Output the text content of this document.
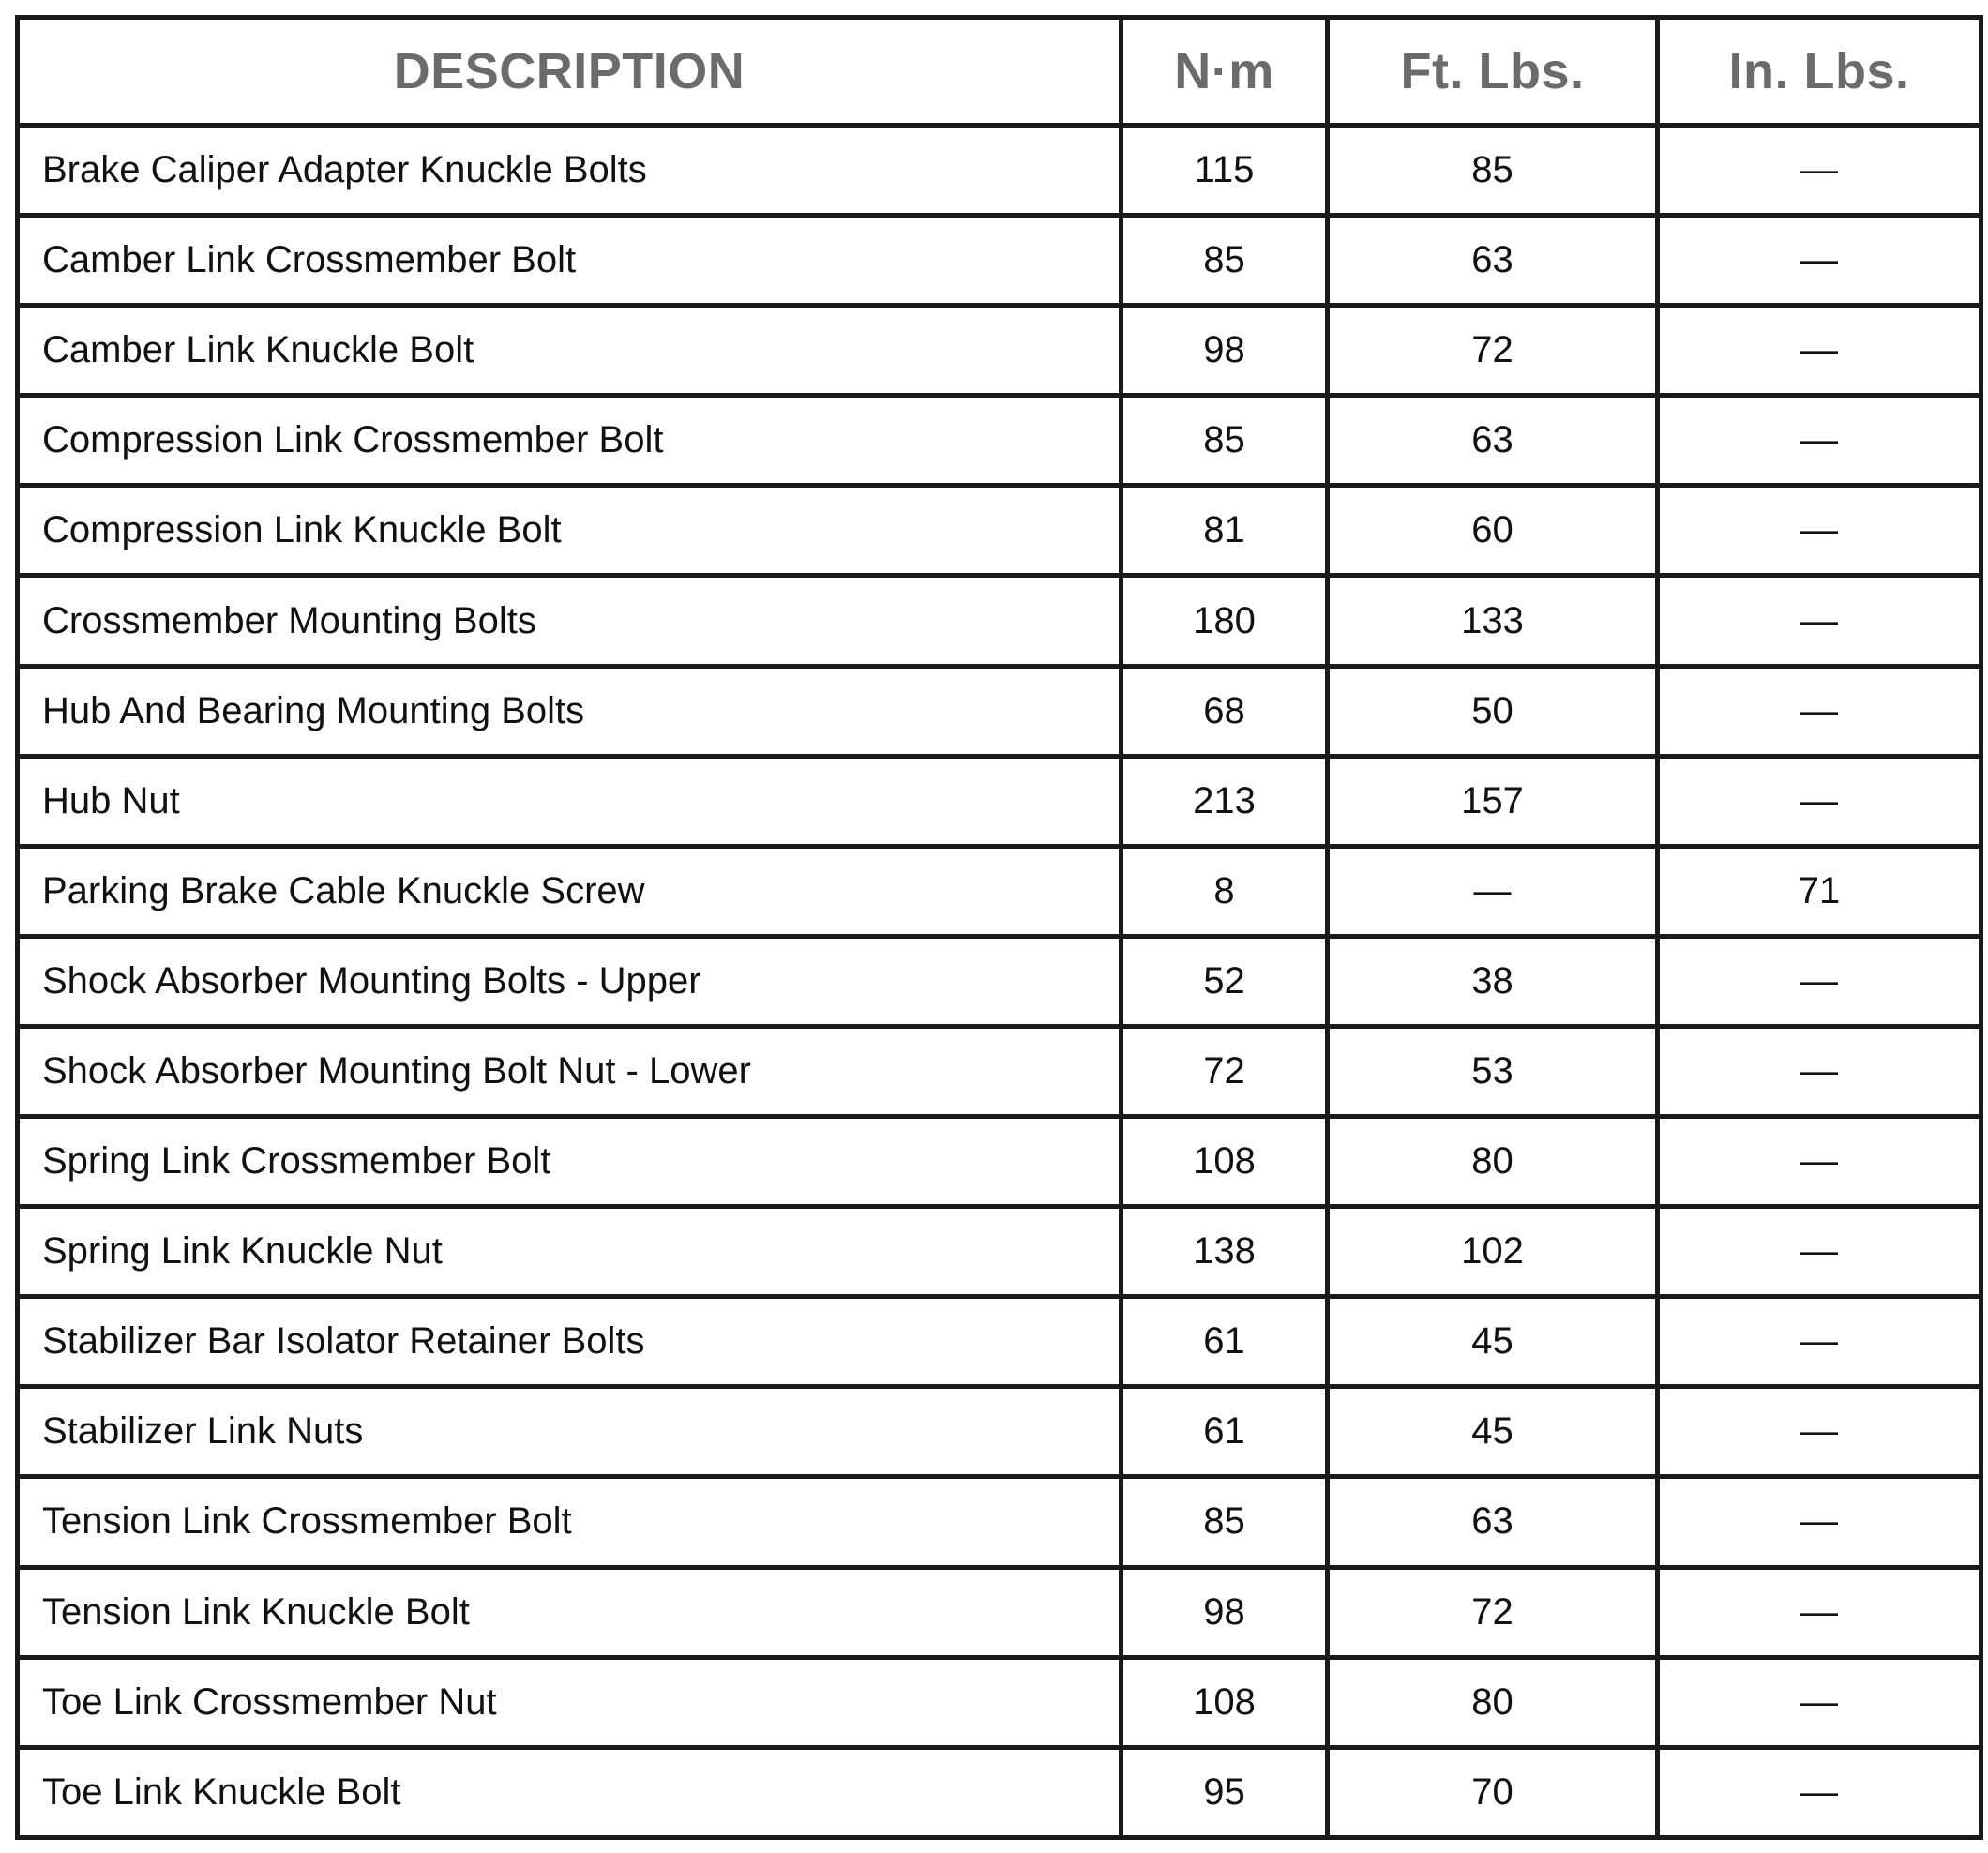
DESCRIPTION	N·m	Ft. Lbs.	In. Lbs.
Brake Caliper Adapter Knuckle Bolts	115	85	—
Camber Link Crossmember Bolt	85	63	—
Camber Link Knuckle Bolt	98	72	—
Compression Link Crossmember Bolt	85	63	—
Compression Link Knuckle Bolt	81	60	—
Crossmember Mounting Bolts	180	133	—
Hub And Bearing Mounting Bolts	68	50	—
Hub Nut	213	157	—
Parking Brake Cable Knuckle Screw	8	—	71
Shock Absorber Mounting Bolts - Upper	52	38	—
Shock Absorber Mounting Bolt Nut - Lower	72	53	—
Spring Link Crossmember Bolt	108	80	—
Spring Link Knuckle Nut	138	102	—
Stabilizer Bar Isolator Retainer Bolts	61	45	—
Stabilizer Link Nuts	61	45	—
Tension Link Crossmember Bolt	85	63	—
Tension Link Knuckle Bolt	98	72	—
Toe Link Crossmember Nut	108	80	—
Toe Link Knuckle Bolt	95	70	—
